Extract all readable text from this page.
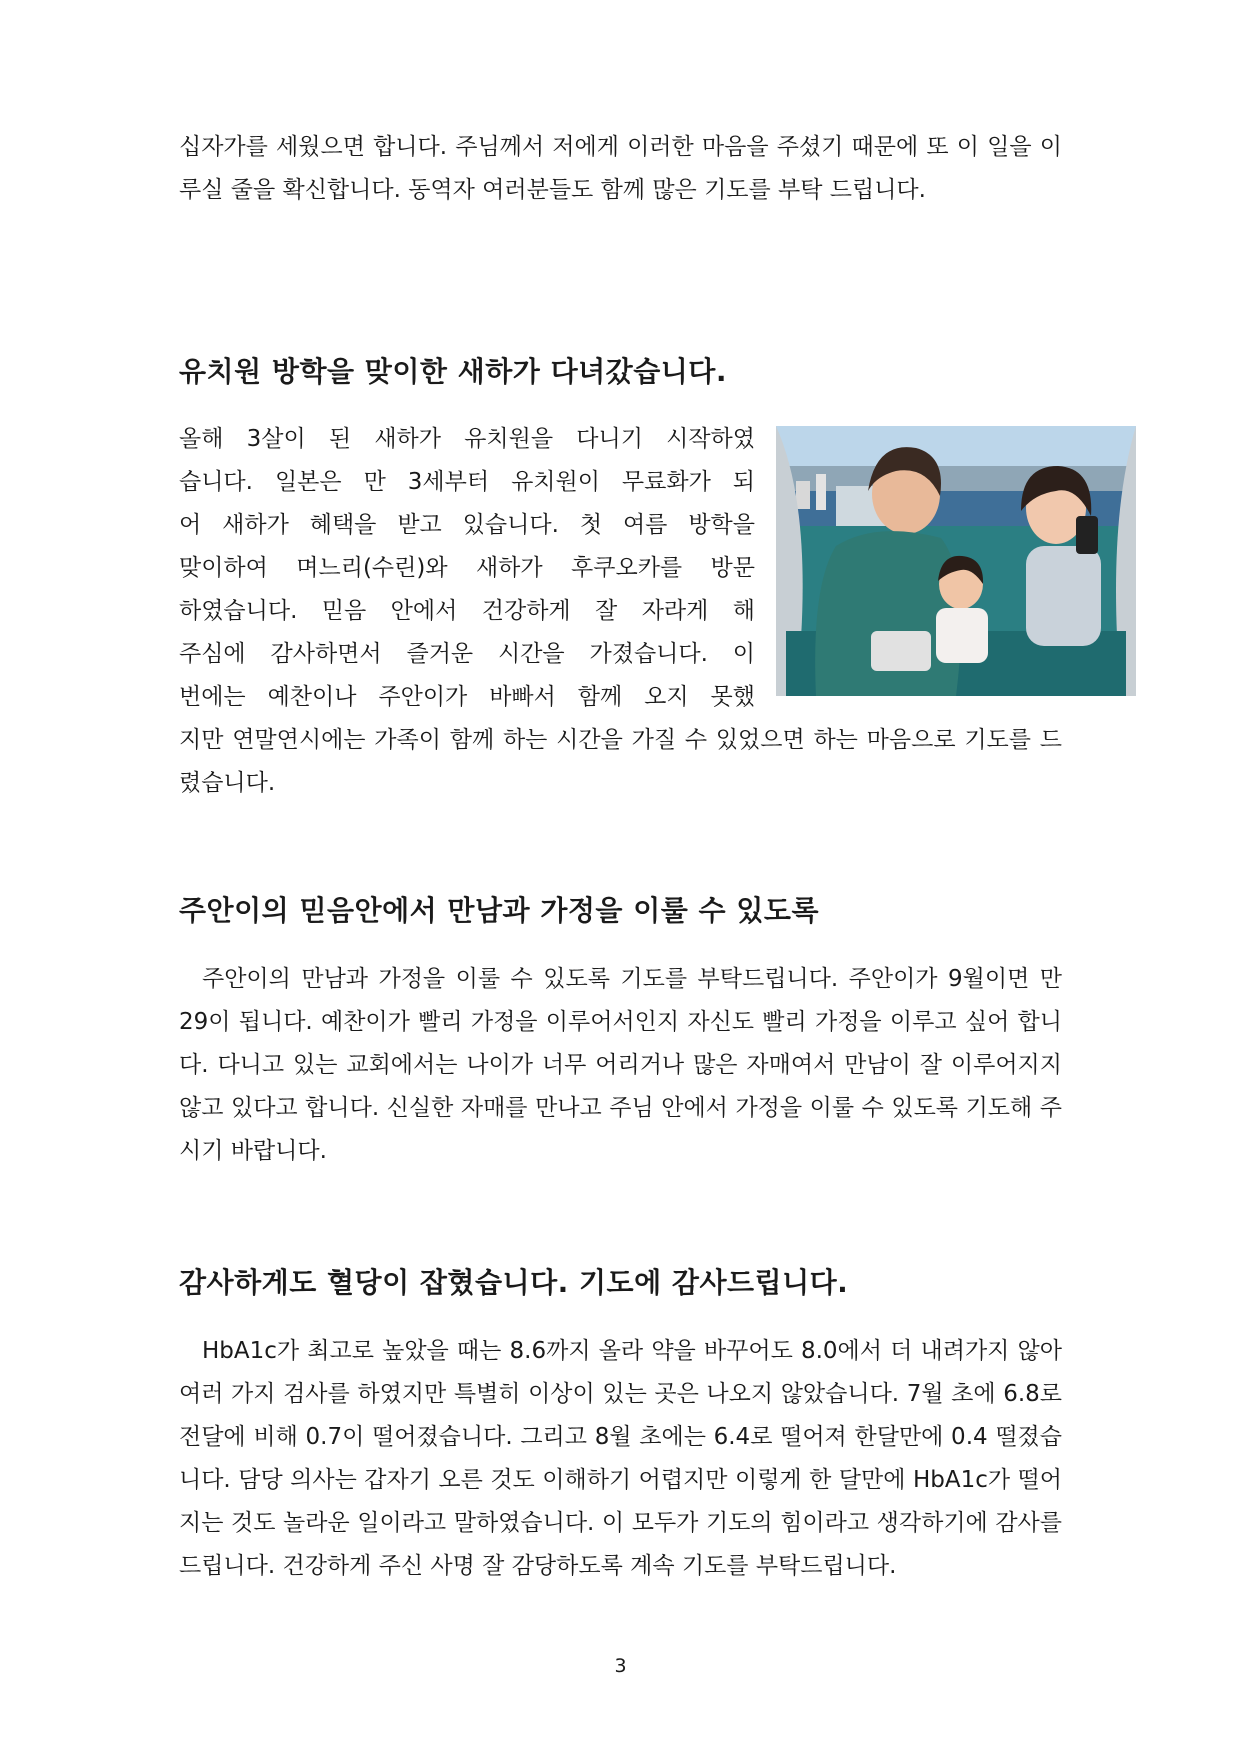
십자가를 세웠으면 합니다. 주님께서 저에게 이러한 마음을 주셨기 때문에 또 이 일을 이루실 줄을 확신합니다. 동역자 여러분들도 함께 많은 기도를 부탁 드립니다.

유치원 방학을 맞이한 새하가 다녀갔습니다.
올해 3살이 된 새하가 유치원을 다니기 시작하였
습니다. 일본은 만 3세부터 유치원이 무료화가 되
어 새하가 혜택을 받고 있습니다. 첫 여름 방학을
맞이하여 며느리(수린)와 새하가 후쿠오카를 방문
하였습니다. 믿음 안에서 건강하게 잘 자라게 해
주심에 감사하면서 즐거운 시간을 가졌습니다. 이
번에는 예찬이나 주안이가 바빠서 함께 오지 못했

지만 연말연시에는 가족이 함께 하는 시간을 가질 수 있었으면 하는 마음으로 기도를 드렸습니다.

주안이의 믿음안에서 만남과 가정을 이룰 수 있도록

주안이의 만남과 가정을 이룰 수 있도록 기도를 부탁드립니다. 주안이가 9월이면 만 29이 됩니다. 예찬이가 빨리 가정을 이루어서인지 자신도 빨리 가정을 이루고 싶어 합니다. 다니고 있는 교회에서는 나이가 너무 어리거나 많은 자매여서 만남이 잘 이루어지지 않고 있다고 합니다. 신실한 자매를 만나고 주님 안에서 가정을 이룰 수 있도록 기도해 주시기 바랍니다.

감사하게도 혈당이 잡혔습니다. 기도에 감사드립니다.

HbA1c가 최고로 높았을 때는 8.6까지 올라 약을 바꾸어도 8.0에서 더 내려가지 않아 여러 가지 검사를 하였지만 특별히 이상이 있는 곳은 나오지 않았습니다. 7월 초에 6.8로 전달에 비해 0.7이 떨어졌습니다. 그리고 8월 초에는 6.4로 떨어져 한달만에 0.4 떨졌습니다. 담당 의사는 갑자기 오른 것도 이해하기 어렵지만 이렇게 한 달만에 HbA1c가 떨어지는 것도 놀라운 일이라고 말하였습니다. 이 모두가 기도의 힘이라고 생각하기에 감사를 드립니다. 건강하게 주신 사명 잘 감당하도록 계속 기도를 부탁드립니다.

3
